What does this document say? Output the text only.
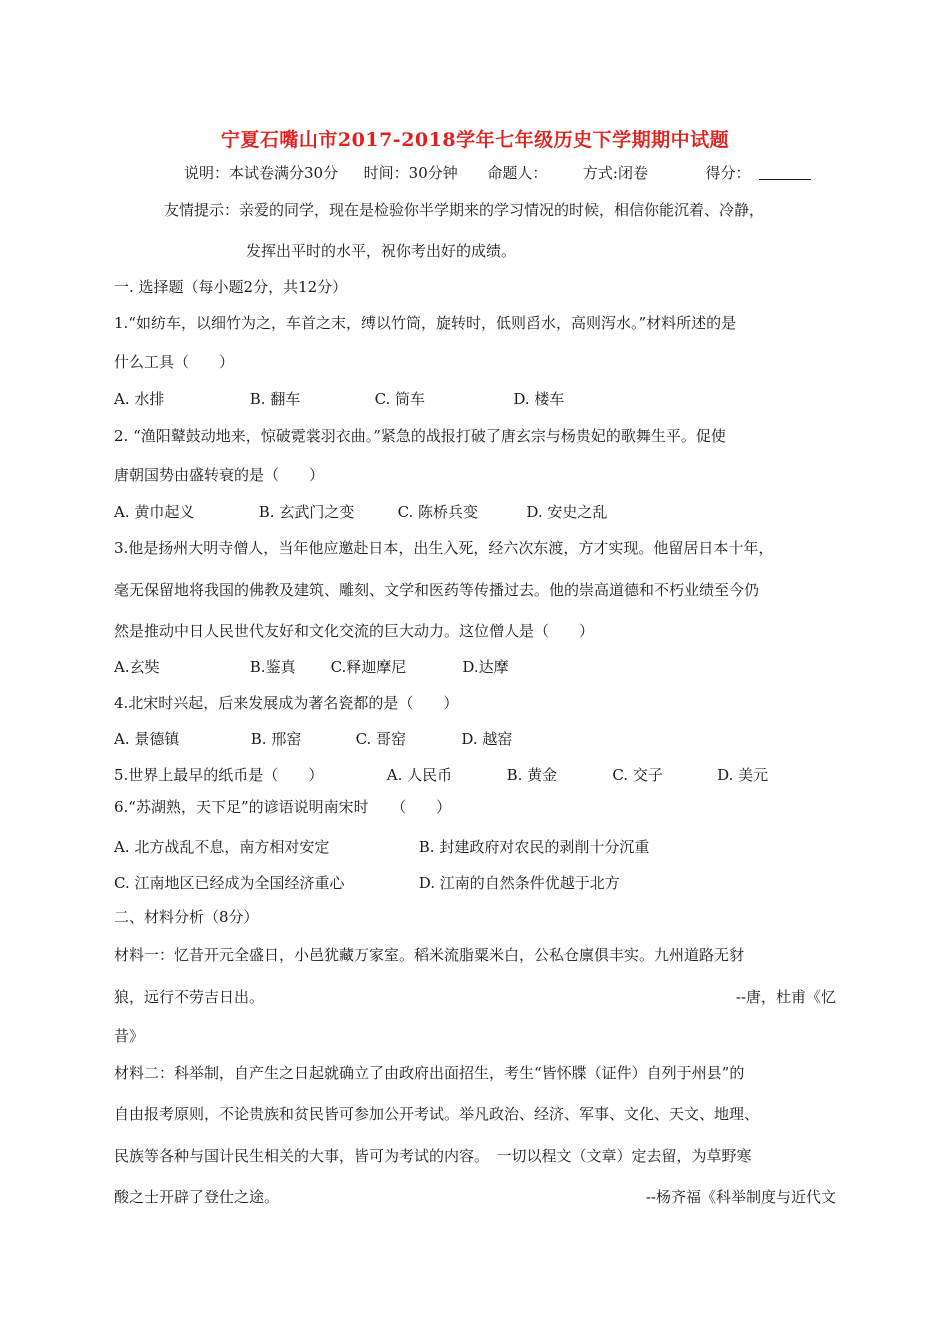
宁夏石嘴山市2017-2018学年七年级历史下学期期中试题
说明：本试卷满分30分 时间：30分钟 命题人： 方式:闭卷	得分：
友情提示：亲爱的同学，现在是检验你半学期来的学习情况的时候，相信你能沉着、冷静，
发挥出平时的水平，祝你考出好的成绩。
一. 选择题（每小题2分，共12分）
1.“如纺车，以细竹为之，车首之末，缚以竹筒，旋转时，低则舀水，高则泻水。”材料所述的是
什么工具（　　）
A. 水排	B. 翻车	C. 筒车	D. 楼车
2. “渔阳鼙鼓动地来，惊破霓裳羽衣曲。”紧急的战报打破了唐玄宗与杨贵妃的歌舞生平。促使
唐朝国势由盛转衰的是（　　）
A. 黄巾起义	B. 玄武门之变	C. 陈桥兵变	D. 安史之乱
3.他是扬州大明寺僧人，当年他应邀赴日本，出生入死，经六次东渡，方才实现。他留居日本十年，
毫无保留地将我国的佛教及建筑、雕刻、文学和医药等传播过去。他的崇高道德和不朽业绩至今仍
然是推动中日人民世代友好和文化交流的巨大动力。这位僧人是（　　）
A.玄奘	B.鉴真 C.释迦摩尼	D.达摩
4.北宋时兴起，后来发展成为著名瓷都的是（　　）
A. 景德镇	B. 邢窑	C. 哥窑	D. 越窑
5.世界上最早的纸币是（　　）	A. 人民币	B. 黄金	C. 交子	D. 美元
6.“苏湖熟，天下足”的谚语说明南宋时　　（　　）
A. 北方战乱不息，南方相对安定	B. 封建政府对农民的剥削十分沉重
C. 江南地区已经成为全国经济重心	D. 江南的自然条件优越于北方
二、材料分析（8分）
材料一：忆昔开元全盛日，小邑犹藏万家室。稻米流脂粟米白，公私仓廪俱丰实。九州道路无豺
狼，远行不劳吉日出。	--唐，杜甫《忆
昔》
材料二：科举制，自产生之日起就确立了由政府出面招生，考生“皆怀牒（证件）自列于州县”的
自由报考原则，不论贵族和贫民皆可参加公开考试。举凡政治、经济、军事、文化、天文、地理、
民族等各种与国计民生相关的大事，皆可为考试的内容。　一切以程文（文章）定去留，为草野寒
酸之士开辟了登仕之途。	--杨齐福《科举制度与近代文
